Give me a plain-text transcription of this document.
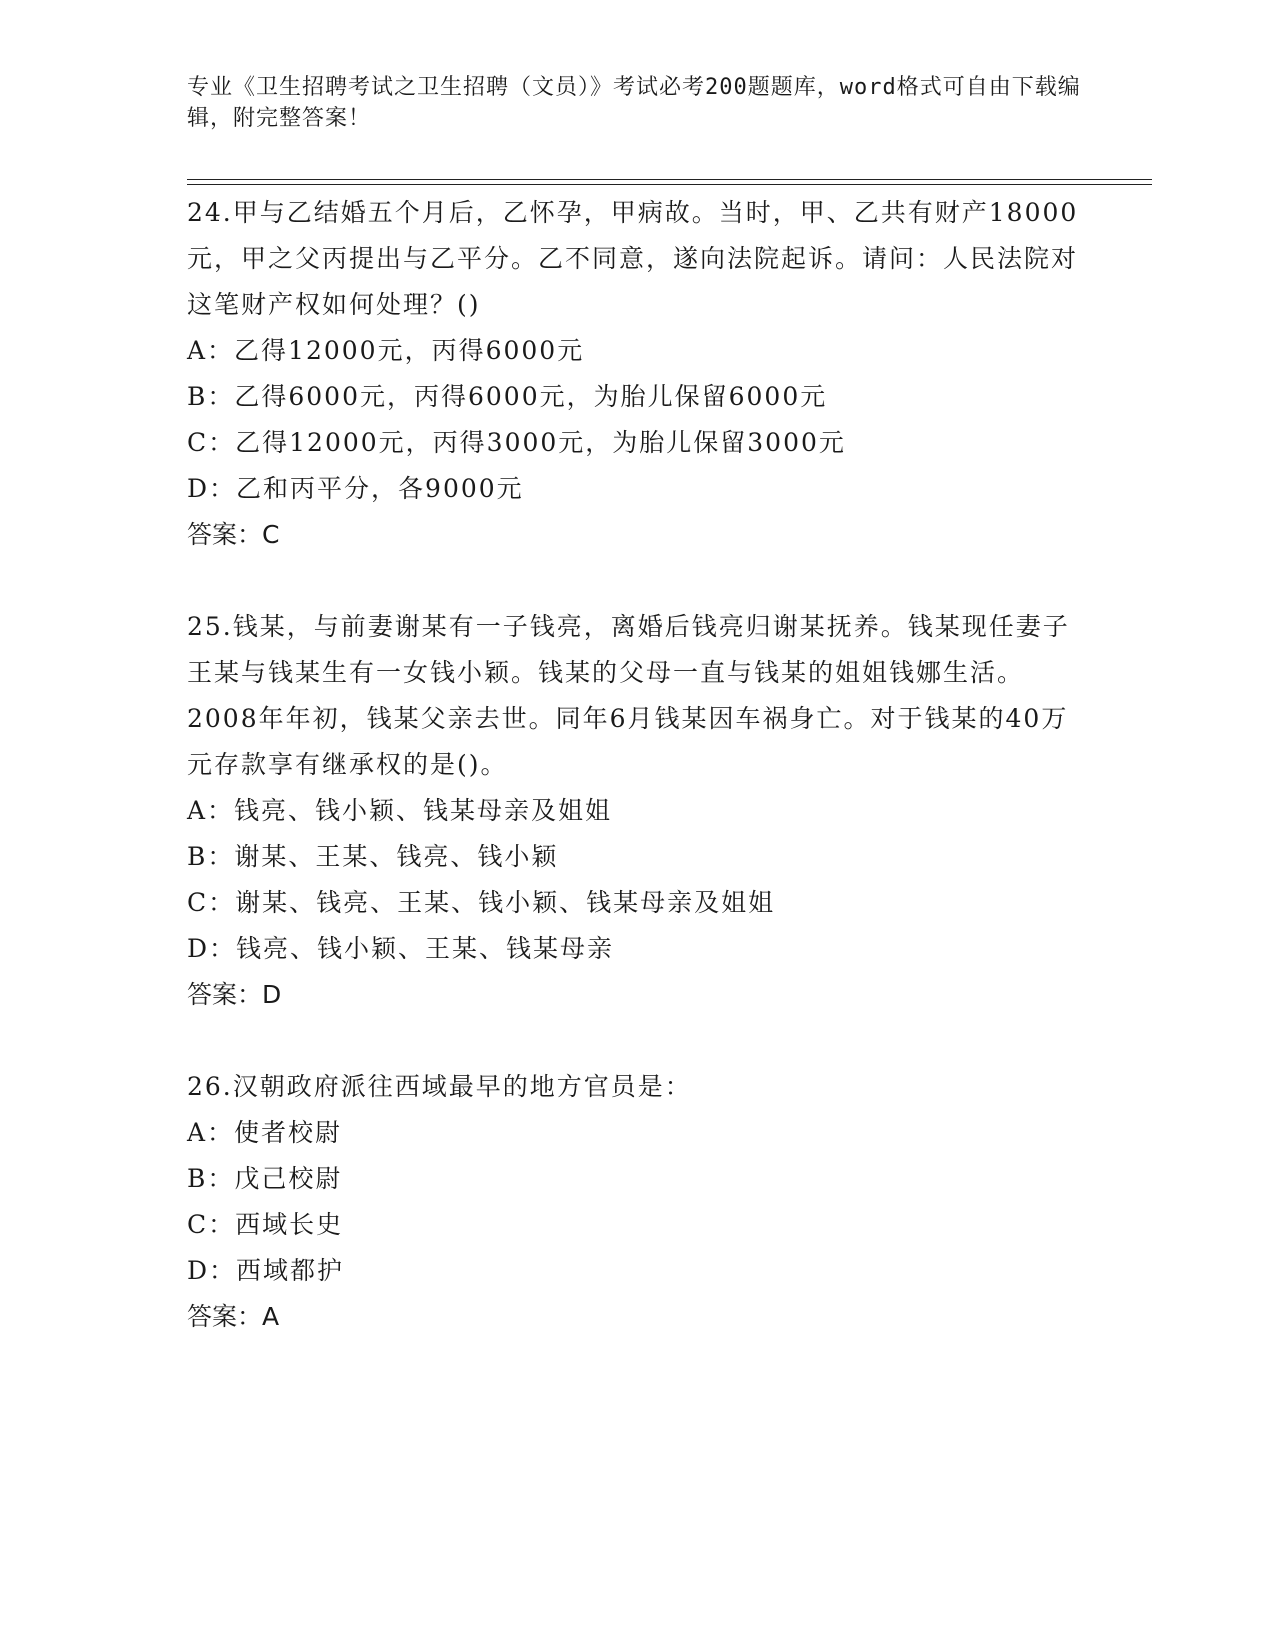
专业《卫生招聘考试之卫生招聘（文员）》考试必考200题题库，word格式可自由下载编辑，附完整答案！

24.甲与乙结婚五个月后，乙怀孕，甲病故。当时，甲、乙共有财产18000元，甲之父丙提出与乙平分。乙不同意，遂向法院起诉。请问：人民法院对这笔财产权如何处理？()

A：乙得12000元，丙得6000元

B：乙得6000元，丙得6000元，为胎儿保留6000元

C：乙得12000元，丙得3000元，为胎儿保留3000元

D：乙和丙平分，各9000元

答案：C

25.钱某，与前妻谢某有一子钱亮，离婚后钱亮归谢某抚养。钱某现任妻子王某与钱某生有一女钱小颖。钱某的父母一直与钱某的姐姐钱娜生活。2008年年初，钱某父亲去世。同年6月钱某因车祸身亡。对于钱某的40万元存款享有继承权的是()。

A：钱亮、钱小颖、钱某母亲及姐姐

B：谢某、王某、钱亮、钱小颖

C：谢某、钱亮、王某、钱小颖、钱某母亲及姐姐

D：钱亮、钱小颖、王某、钱某母亲

答案：D

26.汉朝政府派往西域最早的地方官员是：

A：使者校尉

B：戊己校尉

C：西域长史

D：西域都护

答案：A
